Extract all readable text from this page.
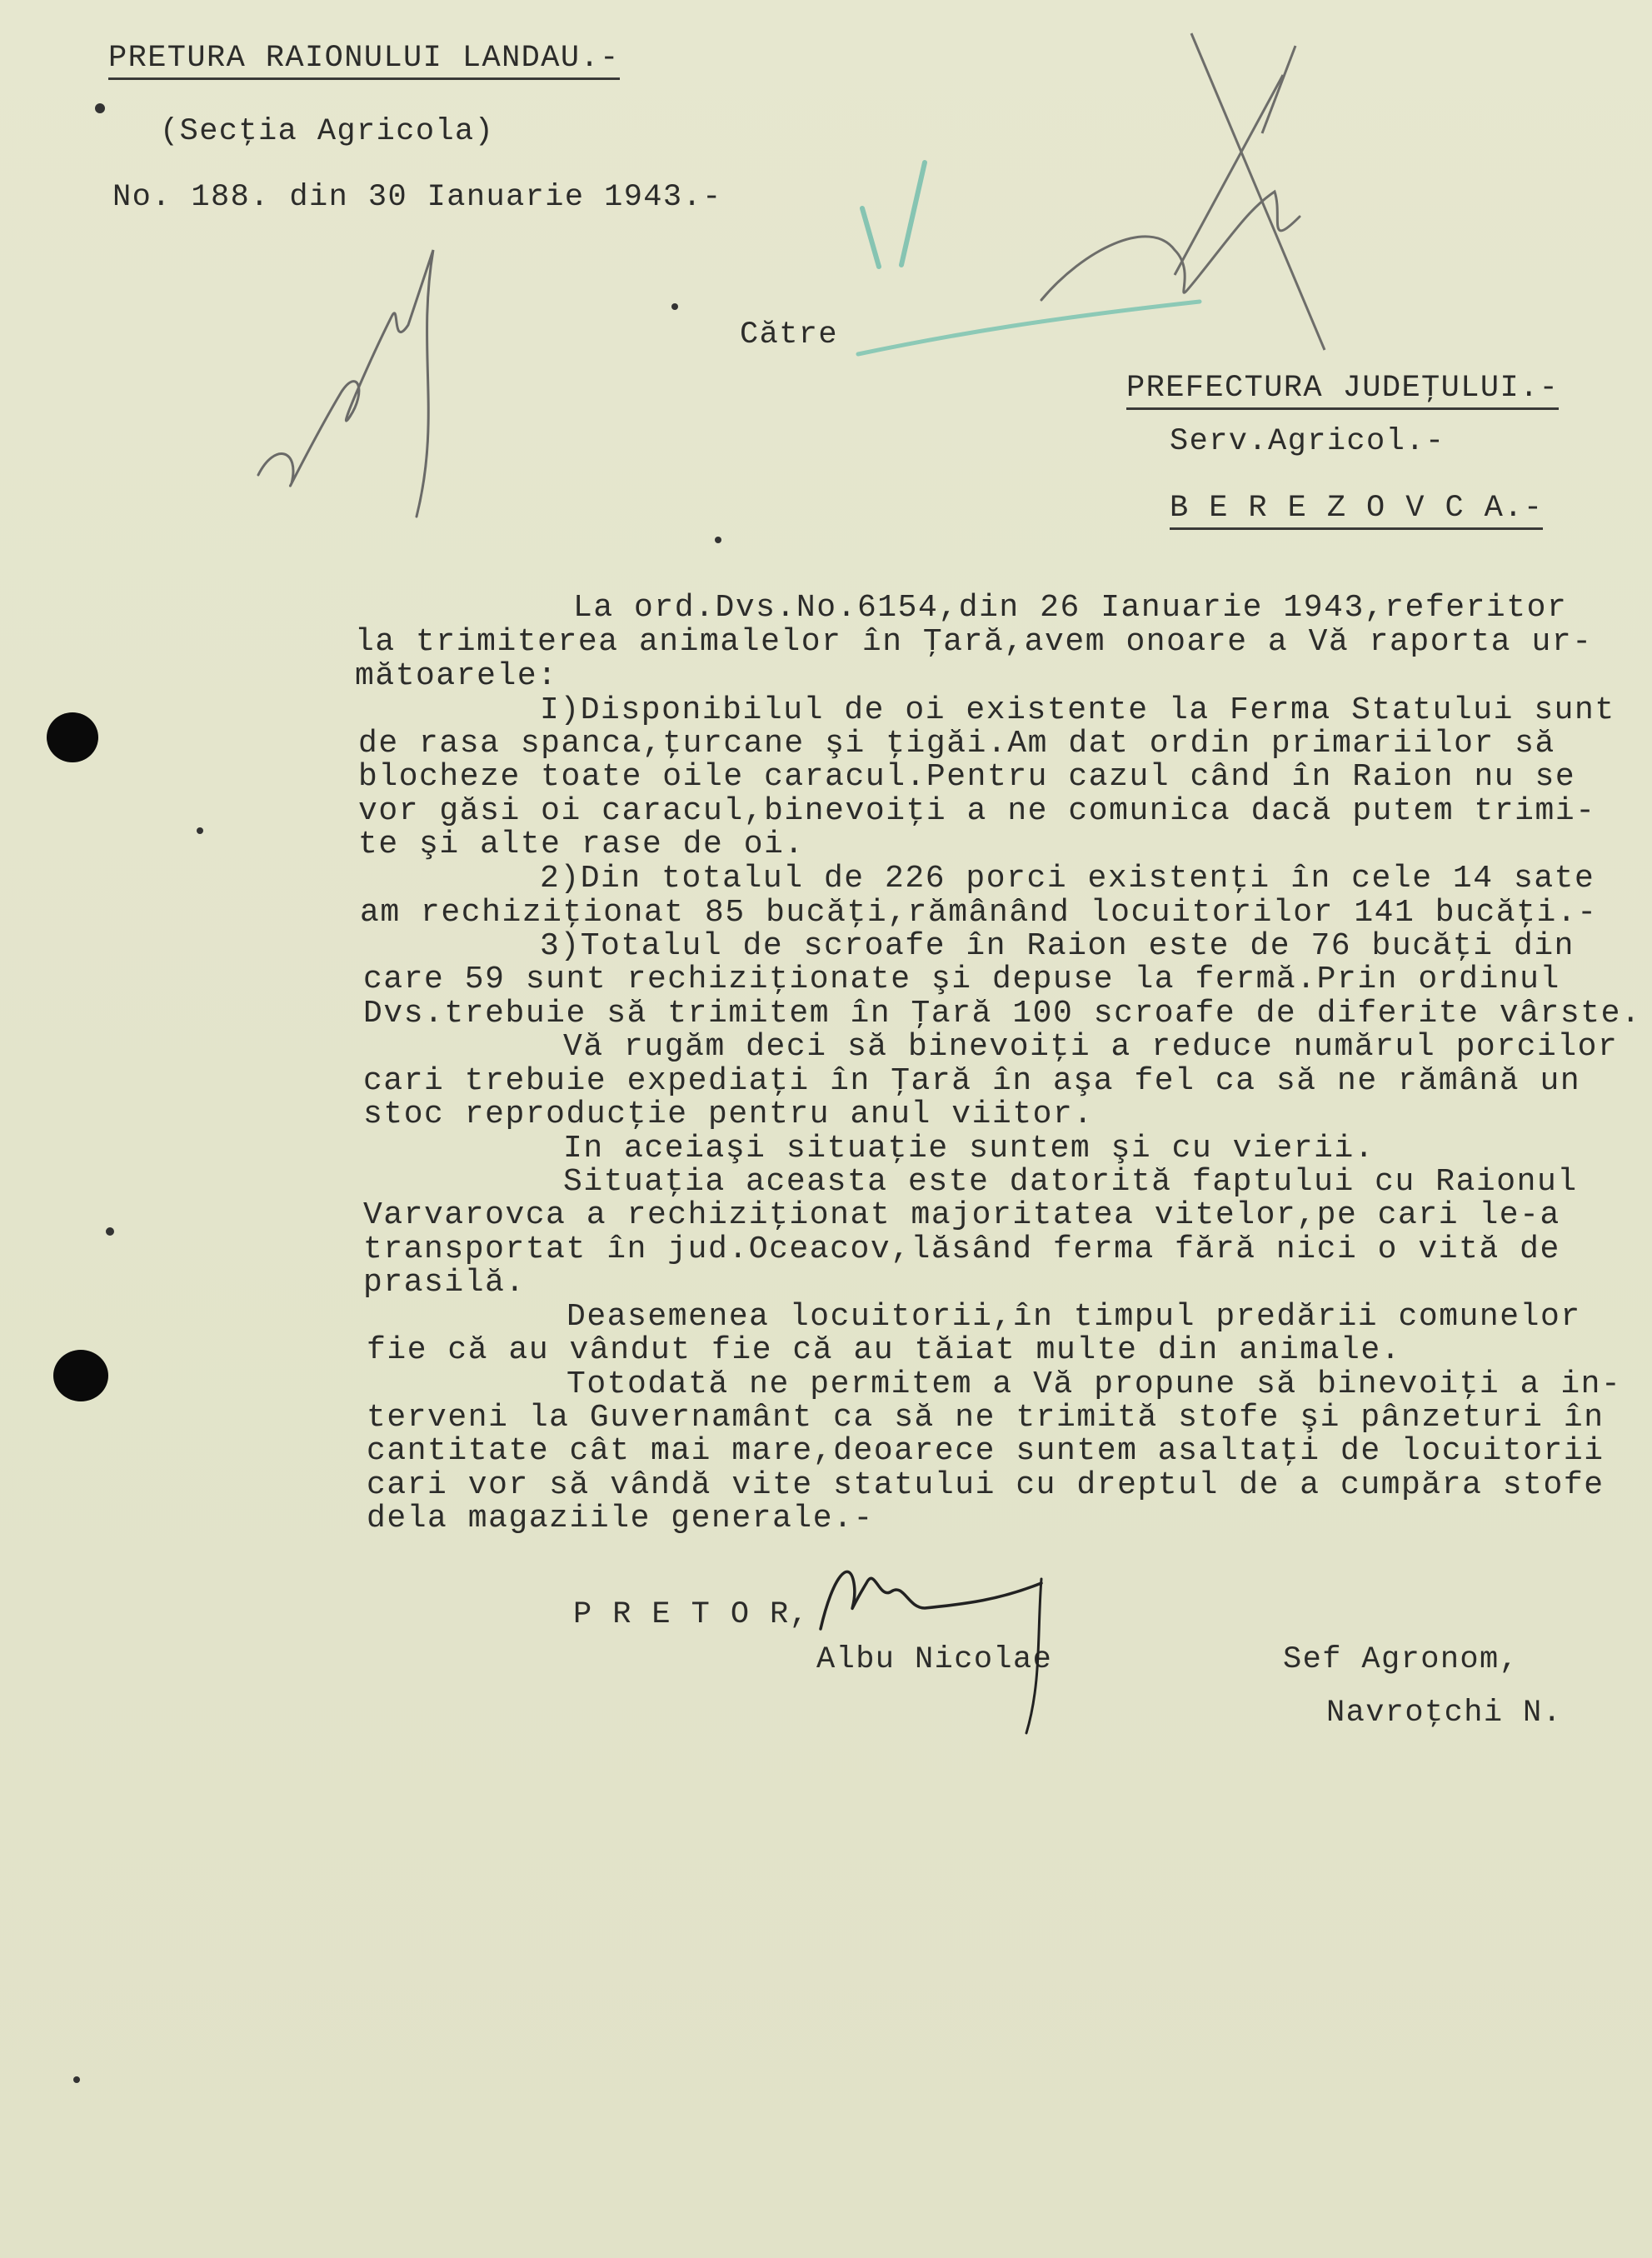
PRETURA RAIONULUI LANDAU.-
(Secţia Agricola)
No. 188. din 30 Ianuarie 1943.-
Către
PREFECTURA JUDEŢULUI.-
Serv.Agricol.-
B E R E Z O V C A.-
La ord.Dvs.No.6154,din 26 Ianuarie 1943,referitor
la trimiterea animalelor în Ţară,avem onoare a Vă raporta ur-
mătoarele:
I)Disponibilul de oi existente la Ferma Statului sunt
de rasa spanca,ţurcane şi ţigăi.Am dat ordin primariilor să
blocheze toate oile caracul.Pentru cazul când în Raion nu se
vor găsi oi caracul,binevoiţi a ne comunica dacă putem trimi-
te şi alte rase de oi.
2)Din totalul de 226 porci existenţi în cele 14 sate
am rechiziţionat 85 bucăţi,rămânând locuitorilor 141 bucăţi.-
3)Totalul de scroafe în Raion este de 76 bucăţi din
care 59 sunt rechiziţionate şi depuse la fermă.Prin ordinul
Dvs.trebuie să trimitem în Ţară 100 scroafe de diferite vârste.
Vă rugăm deci să binevoiţi a reduce numărul porcilor
cari trebuie expediaţi în Ţară în aşa fel ca să ne rămână un
stoc reproducţie pentru anul viitor.
In aceiaşi situaţie suntem şi cu vierii.
Situaţia aceasta este datorită faptului cu Raionul
Varvarovca a rechiziţionat majoritatea vitelor,pe cari le-a
transportat în jud.Oceacov,lăsând ferma fără nici o vită de
prasilă.
Deasemenea locuitorii,în timpul predării comunelor
fie că au vândut fie că au tăiat multe din animale.
Totodată ne permitem a Vă propune să binevoiţi a in-
terveni la Guvernamânt ca să ne trimită stofe şi pânzeturi în
cantitate cât mai mare,deoarece suntem asaltaţi de locuitorii
cari vor să vândă vite statului cu dreptul de a cumpăra stofe
dela magaziile generale.-
P R E T O R,
Albu Nicolae	Sef Agronom,
Navroţchi N.
